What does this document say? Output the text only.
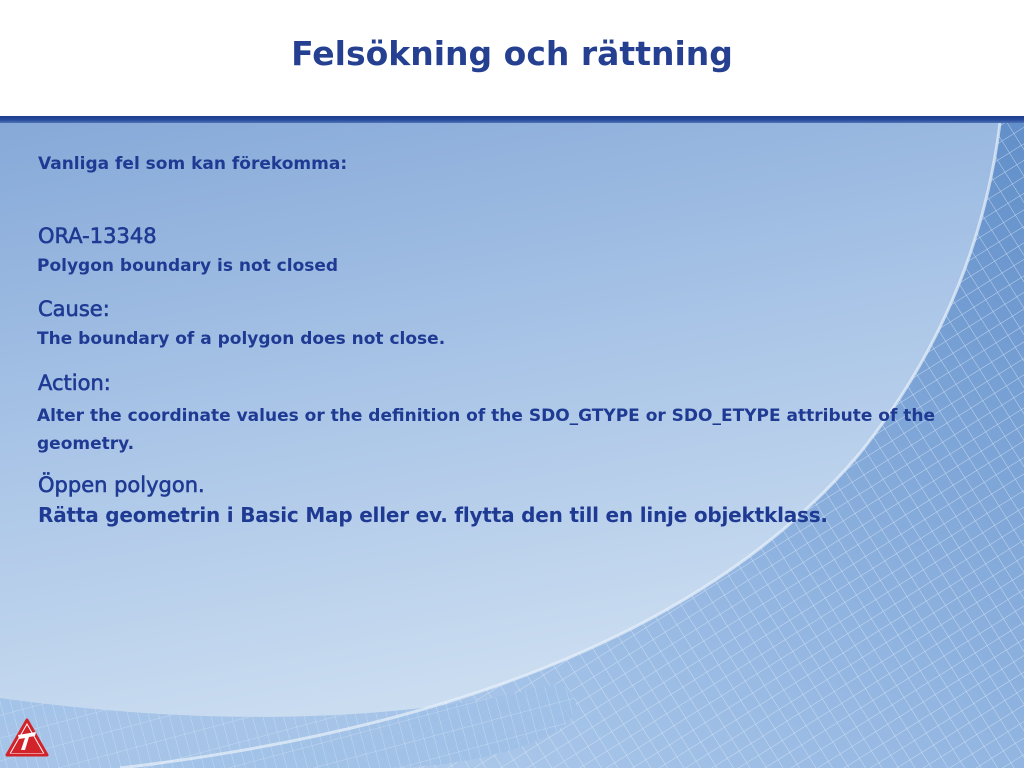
Felsökning och rättning
Vanliga fel som kan förekomma:
ORA-13348
Polygon boundary is not closed
Cause:
The boundary of a polygon does not close.
Action:
Alter the coordinate values or the definition of the SDO_GTYPE or SDO_ETYPE attribute of the geometry.
Öppen polygon.
Rätta geometrin i Basic Map eller ev. flytta den till en linje objektklass.
